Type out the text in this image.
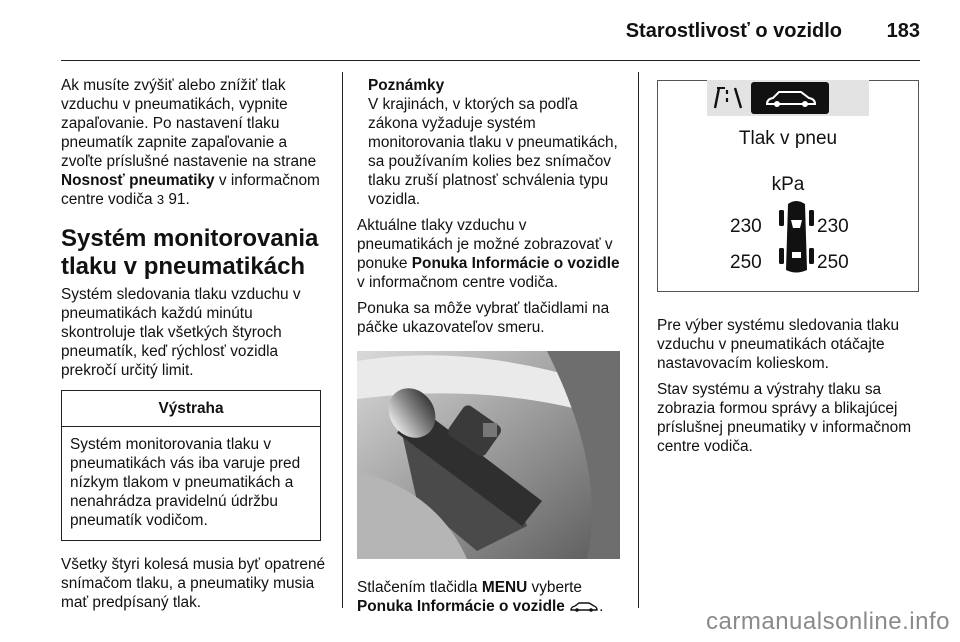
Starostlivosť o vozidlo 183

Ak musíte zvýšiť alebo znížiť tlak vzduchu v pneumatikách, vypnite zapaľovanie. Po nastavení tlaku pneumatík zapnite zapaľovanie a zvoľte príslušné nastavenie na strane Nosnosť pneumatiky v informačnom centre vodiča 3 91.

Systém monitorovania tlaku v pneumatikách

Systém sledovania tlaku vzduchu v pneumatikách každú minútu skontroluje tlak všetkých štyroch pneumatík, keď rýchlosť vozidla prekročí určitý limit.

Výstraha
Systém monitorovania tlaku v pneumatikách vás iba varuje pred nízkym tlakom v pneumatikách a nenahrádza pravidelnú údržbu pneumatík vodičom.

Všetky štyri kolesá musia byť opatrené snímačom tlaku, a pneumatiky musia mať predpísaný tlak.

Poznámky
V krajinách, v ktorých sa podľa zákona vyžaduje systém monitorovania tlaku v pneumatikách, sa používaním kolies bez snímačov tlaku zruší platnosť schválenia typu vozidla.

Aktuálne tlaky vzduchu v pneumatikách je možné zobrazovať v ponuke Ponuka Informácie o vozidle v informačnom centre vodiča.

Ponuka sa môže vybrať tlačidlami na páčke ukazovateľov smeru.

Stlačením tlačidla MENU vyberte Ponuka Informácie o vozidle .

Tlak v pneu
kPa
230	230
250	250

Pre výber systému sledovania tlaku vzduchu v pneumatikách otáčajte nastavovacím kolieskom.

Stav systému a výstrahy tlaku sa zobrazia formou správy a blikajúcej príslušnej pneumatiky v informačnom centre vodiča.

carmanualsonline.info
